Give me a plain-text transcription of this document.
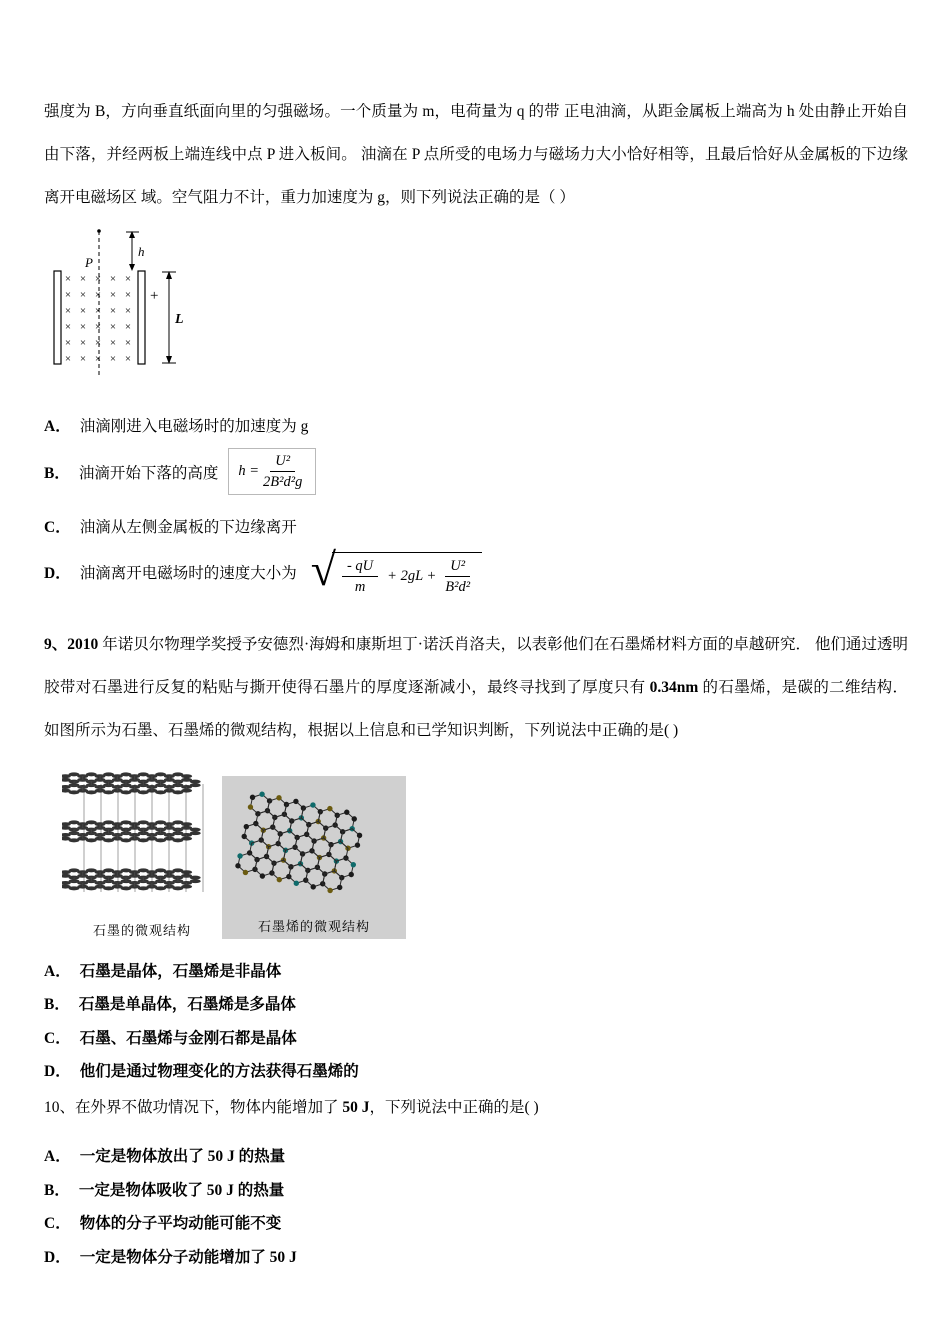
强度为 B，方向垂直纸面向里的匀强磁场。一个质量为 m，电荷量为 q 的带 正电油滴，从距金属板上端高为 h 处由静止开始自由下落，并经两板上端连线中点 P 进入板间。 油滴在 P 点所受的电场力与磁场力大小恰好相等，且最后恰好从金属板的下边缘离开电磁场区 域。空气阻力不计，重力加速度为 g，则下列说法正确的是（ ）

h
P
× × × × ×
× × × × ×
× × × × ×
× × × × ×
× × × × ×
× × × × ×
+
L
A． 油滴刚进入电磁场时的加速度为 g
B． 油滴开始下落的高度 $h = \frac{\text{U²}}{\text{2B²d²g}}$
C． 油滴从左侧金属板的下边缘离开
D． 油滴离开电磁场时的速度大小为 √ $\frac{- qU}{m} + 2gL + \frac{\text{U²}}{\text{B²d²}}$

9、2010 年诺贝尔物理学奖授予安德烈·海姆和康斯坦丁·诺沃肖洛夫，以表彰他们在石墨烯材料方面的卓越研究． 他们通过透明胶带对石墨进行反复的粘贴与撕开使得石墨片的厚度逐渐减小，最终寻找到了厚度只有 0.34nm 的石墨烯，是碳的二维结构． 如图所示为石墨、石墨烯的微观结构，根据以上信息和已学知识判断，下列说法中正确的是( )

石墨的微观结构	石墨烯的微观结构
A． 石墨是晶体，石墨烯是非晶体
B． 石墨是单晶体，石墨烯是多晶体
C． 石墨、石墨烯与金刚石都是晶体
D． 他们是通过物理变化的方法获得石墨烯的

10、在外界不做功情况下，物体内能增加了 50 J，下列说法中正确的是( )

A． 一定是物体放出了 50 J 的热量
B． 一定是物体吸收了 50 J 的热量
C． 物体的分子平均动能可能不变
D． 一定是物体分子动能增加了 50 J
